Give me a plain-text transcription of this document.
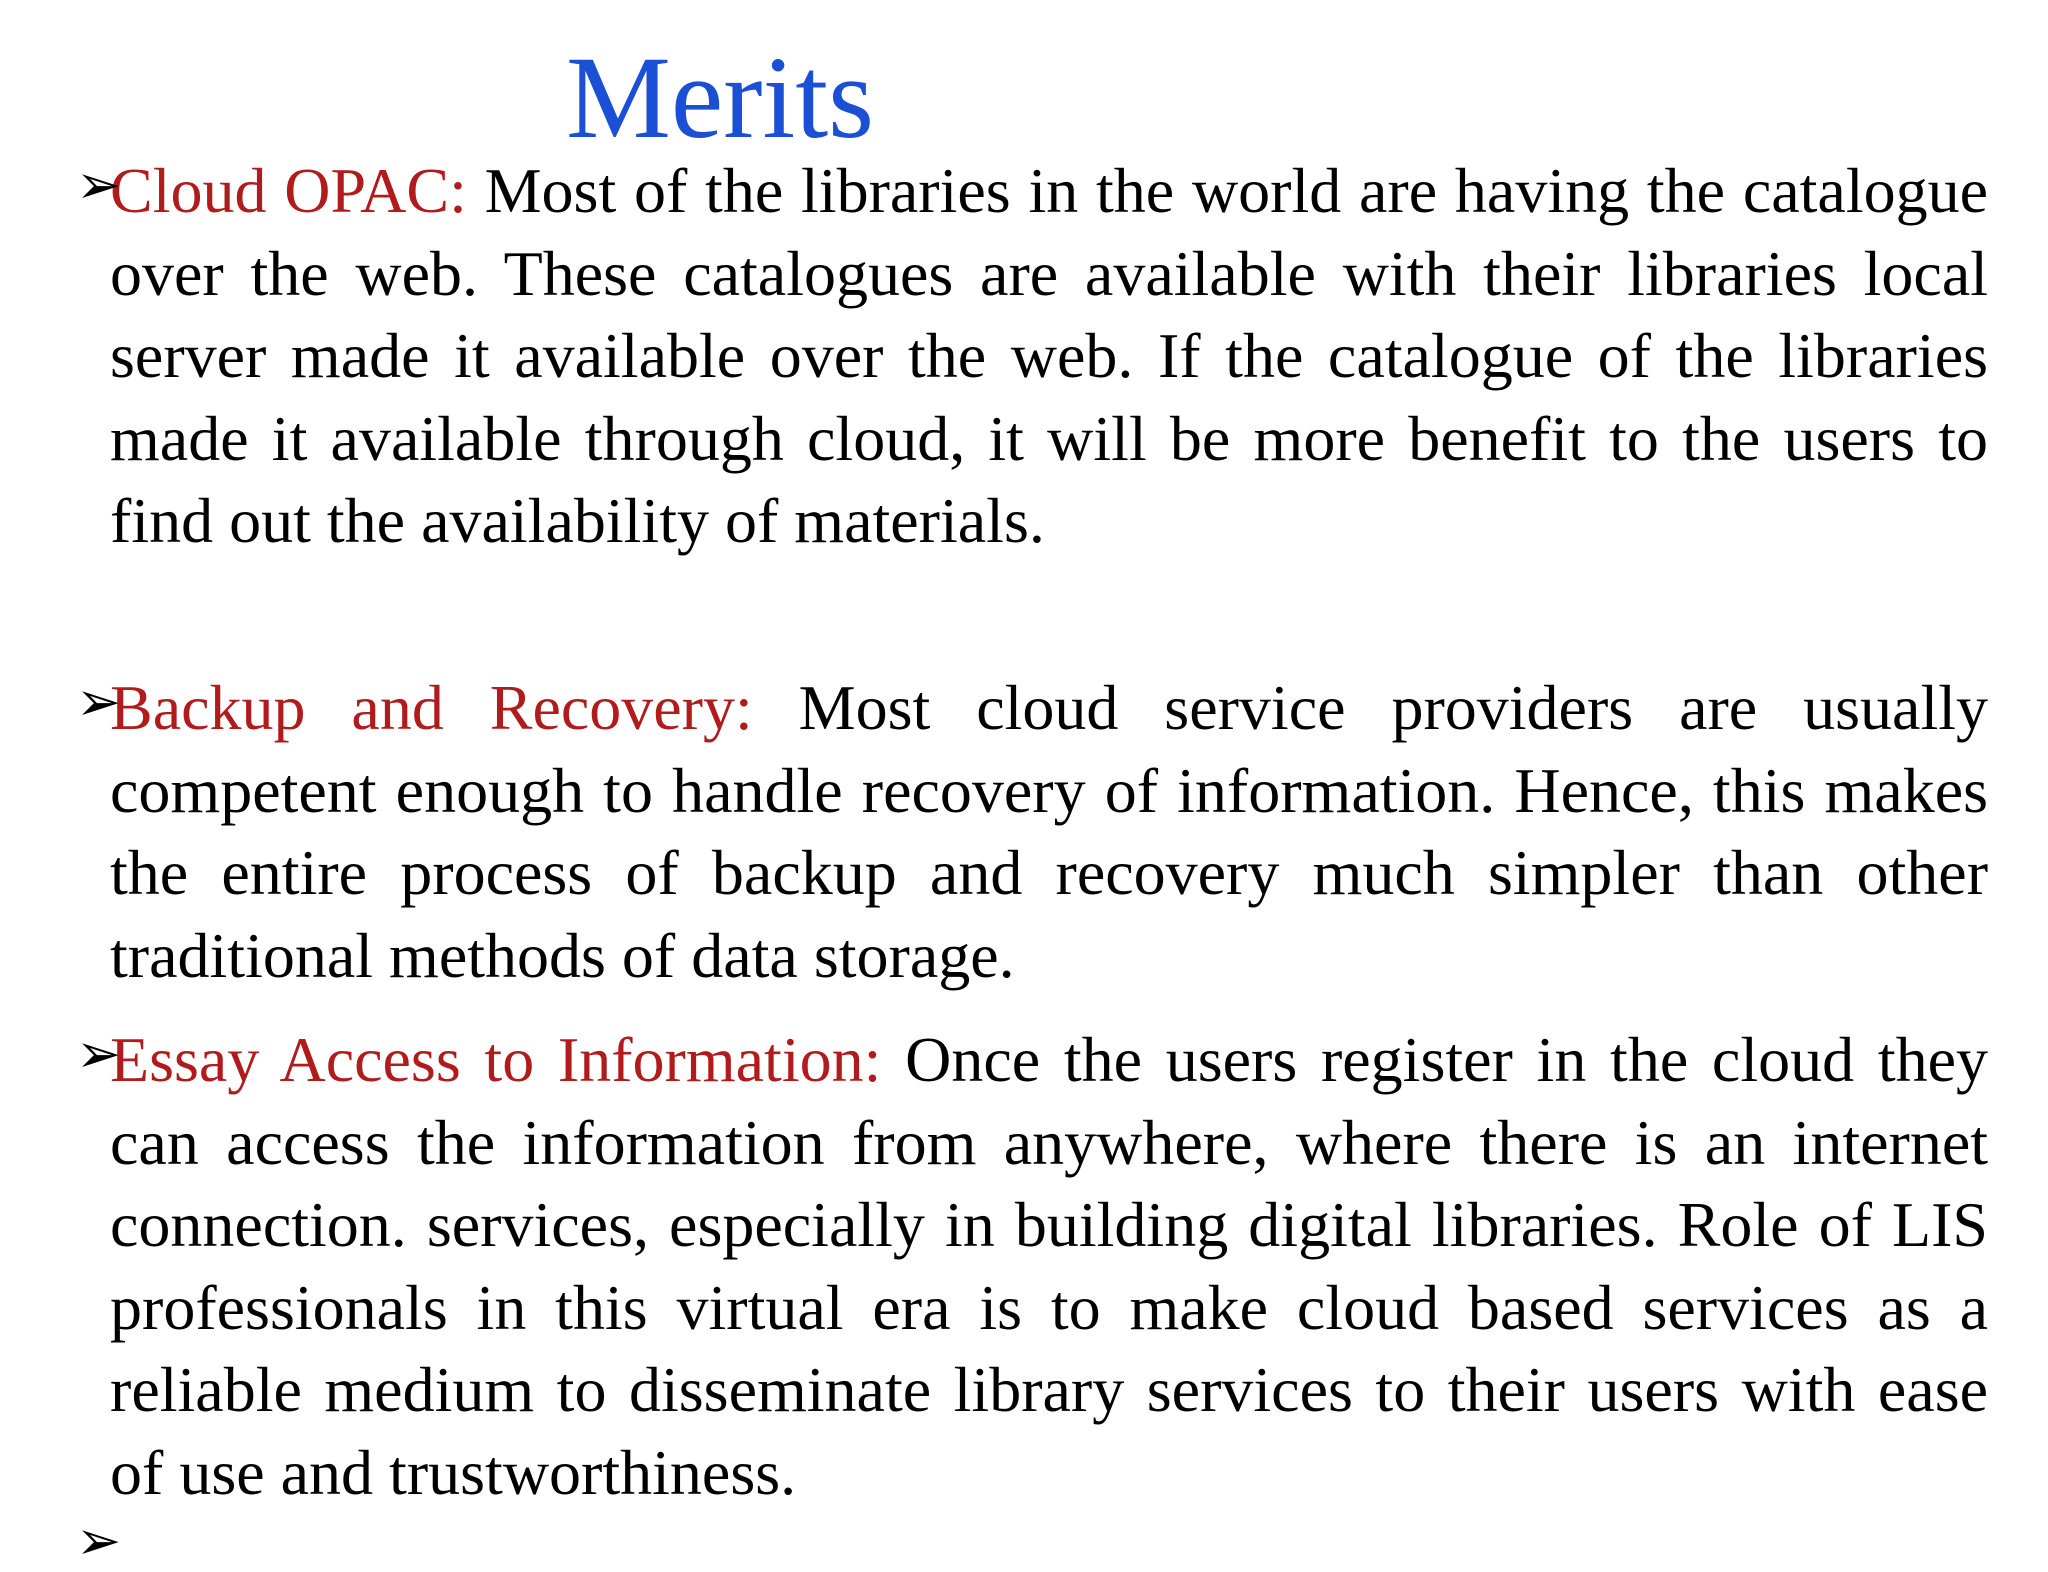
Merits
➢
Cloud OPAC: Most of the libraries in the world are having the catalogue over the web. These catalogues are available with their libraries local server made it available over the web. If the catalogue of the libraries made it available through cloud, it will be more benefit to the users to find out the availability of materials.
➢
Backup and Recovery: Most cloud service providers are usually competent enough to handle recovery of information. Hence, this makes the entire process of backup and recovery much simpler than other traditional methods of data storage.
➢
Essay Access to Information: Once the users register in the cloud they can access the information from anywhere, where there is an internet connection. services, especially in building digital libraries. Role of LIS professionals in this virtual era is to make cloud based services as a reliable medium to disseminate library services to their users with ease of use and trustworthiness.
➢
